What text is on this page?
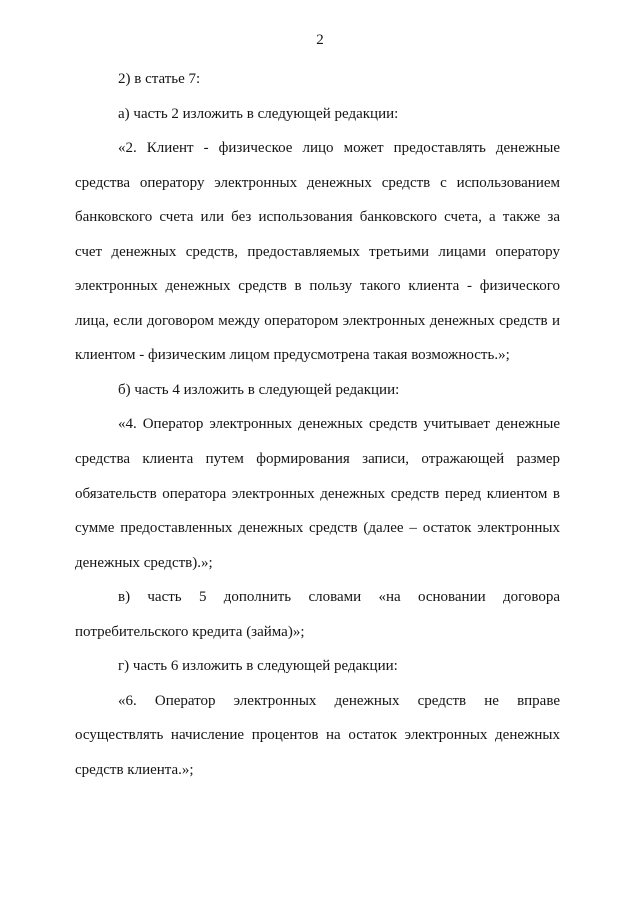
2
2) в статье 7:
а) часть 2 изложить в следующей редакции:
«2. Клиент - физическое лицо может предоставлять денежные
средства оператору электронных денежных средств с использованием
банковского счета или без использования банковского счета, а также за
счет денежных средств, предоставляемых третьими лицами оператору
электронных денежных средств в пользу такого клиента - физического
лица, если договором между оператором электронных денежных средств и
клиентом - физическим лицом предусмотрена такая возможность.»;
б) часть 4 изложить в следующей редакции:
«4. Оператор электронных денежных средств учитывает денежные
средства клиента путем формирования записи, отражающей размер
обязательств оператора электронных денежных средств перед клиентом в
сумме предоставленных денежных средств (далее – остаток электронных
денежных средств).»;
в) часть 5 дополнить словами «на основании договора
потребительского кредита (займа)»;
г) часть 6 изложить в следующей редакции:
«6. Оператор электронных денежных средств не вправе
осуществлять начисление процентов на остаток электронных денежных
средств клиента.»;
